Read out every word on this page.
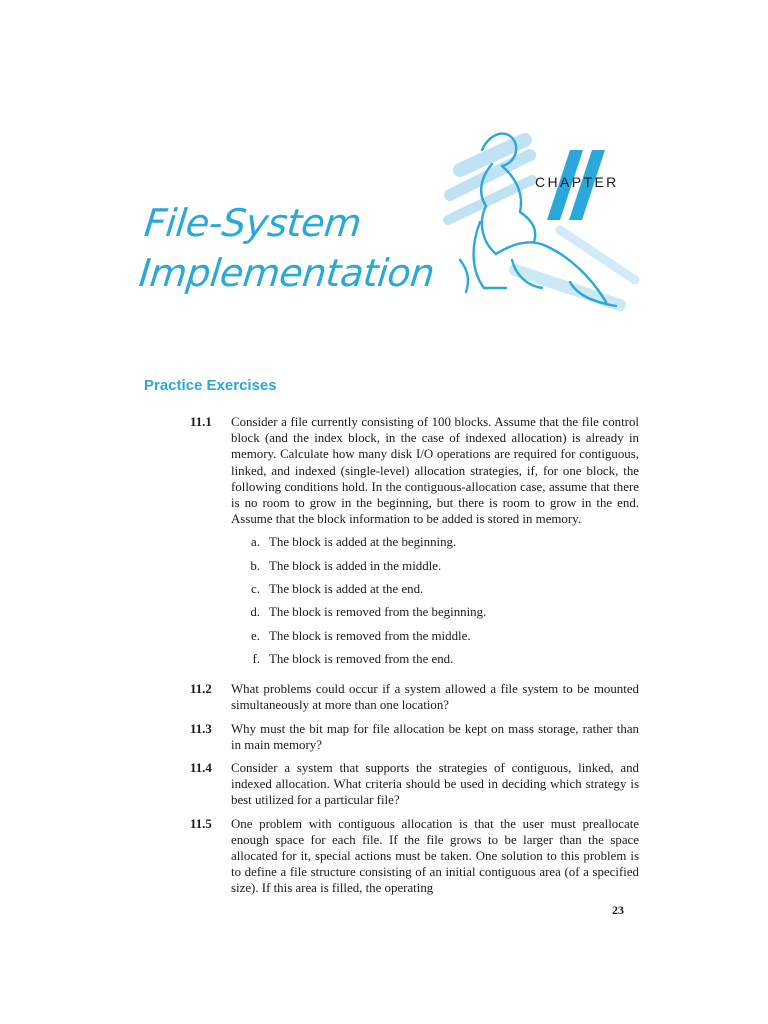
CHAPTER
File-System
Implementation
Practice Exercises
11.1	Consider a file currently consisting of 100 blocks. Assume that the file control block (and the index block, in the case of indexed allocation) is already in memory. Calculate how many disk I/O operations are required for contiguous, linked, and indexed (single-level) allocation strategies, if, for one block, the following conditions hold. In the contiguous-allocation case, assume that there is no room to grow in the beginning, but there is room to grow in the end. Assume that the block information to be added is stored in memory.

a. The block is added at the beginning.
b. The block is added in the middle.
c. The block is added at the end.
d. The block is removed from the beginning.
e. The block is removed from the middle.
f. The block is removed from the end.
11.2	What problems could occur if a system allowed a file system to be mounted simultaneously at more than one location?

11.3	Why must the bit map for file allocation be kept on mass storage, rather than in main memory?

11.4	Consider a system that supports the strategies of contiguous, linked, and indexed allocation. What criteria should be used in deciding which strategy is best utilized for a particular file?

11.5	One problem with contiguous allocation is that the user must preallocate enough space for each file. If the file grows to be larger than the space allocated for it, special actions must be taken. One solution to this problem is to define a file structure consisting of an initial contiguous area (of a specified size). If this area is filled, the operating

23
